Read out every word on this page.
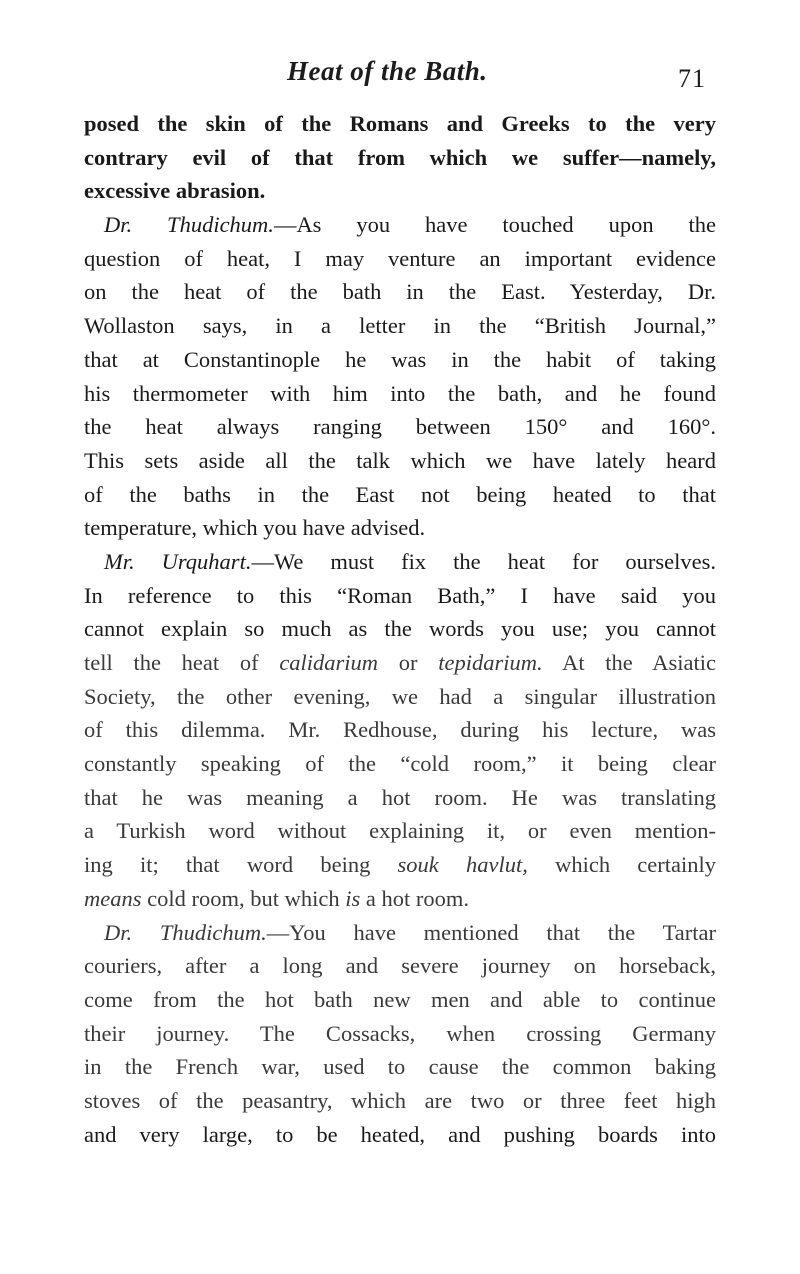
Heat of the Bath.	71
posed the skin of the Romans and Greeks to the very
contrary evil of that from which we suffer—namely,
excessive abrasion.
Dr. Thudichum.—As you have touched upon the
question of heat, I may venture an important evidence
on the heat of the bath in the East. Yesterday, Dr.
Wollaston says, in a letter in the “British Journal,”
that at Constantinople he was in the habit of taking
his thermometer with him into the bath, and he found
the heat always ranging between 150° and 160°.
This sets aside all the talk which we have lately heard
of the baths in the East not being heated to that
temperature, which you have advised.
Mr. Urquhart.—We must fix the heat for ourselves.
In reference to this “Roman Bath,” I have said you
cannot explain so much as the words you use; you cannot
tell the heat of calidarium or tepidarium. At the Asiatic
Society, the other evening, we had a singular illustration
of this dilemma. Mr. Redhouse, during his lecture, was
constantly speaking of the “cold room,” it being clear
that he was meaning a hot room. He was translating
a Turkish word without explaining it, or even mention-
ing it; that word being souk havlut, which certainly
means cold room, but which is a hot room.
Dr. Thudichum.—You have mentioned that the Tartar
couriers, after a long and severe journey on horseback,
come from the hot bath new men and able to continue
their journey. The Cossacks, when crossing Germany
in the French war, used to cause the common baking
stoves of the peasantry, which are two or three feet high
and very large, to be heated, and pushing boards into
